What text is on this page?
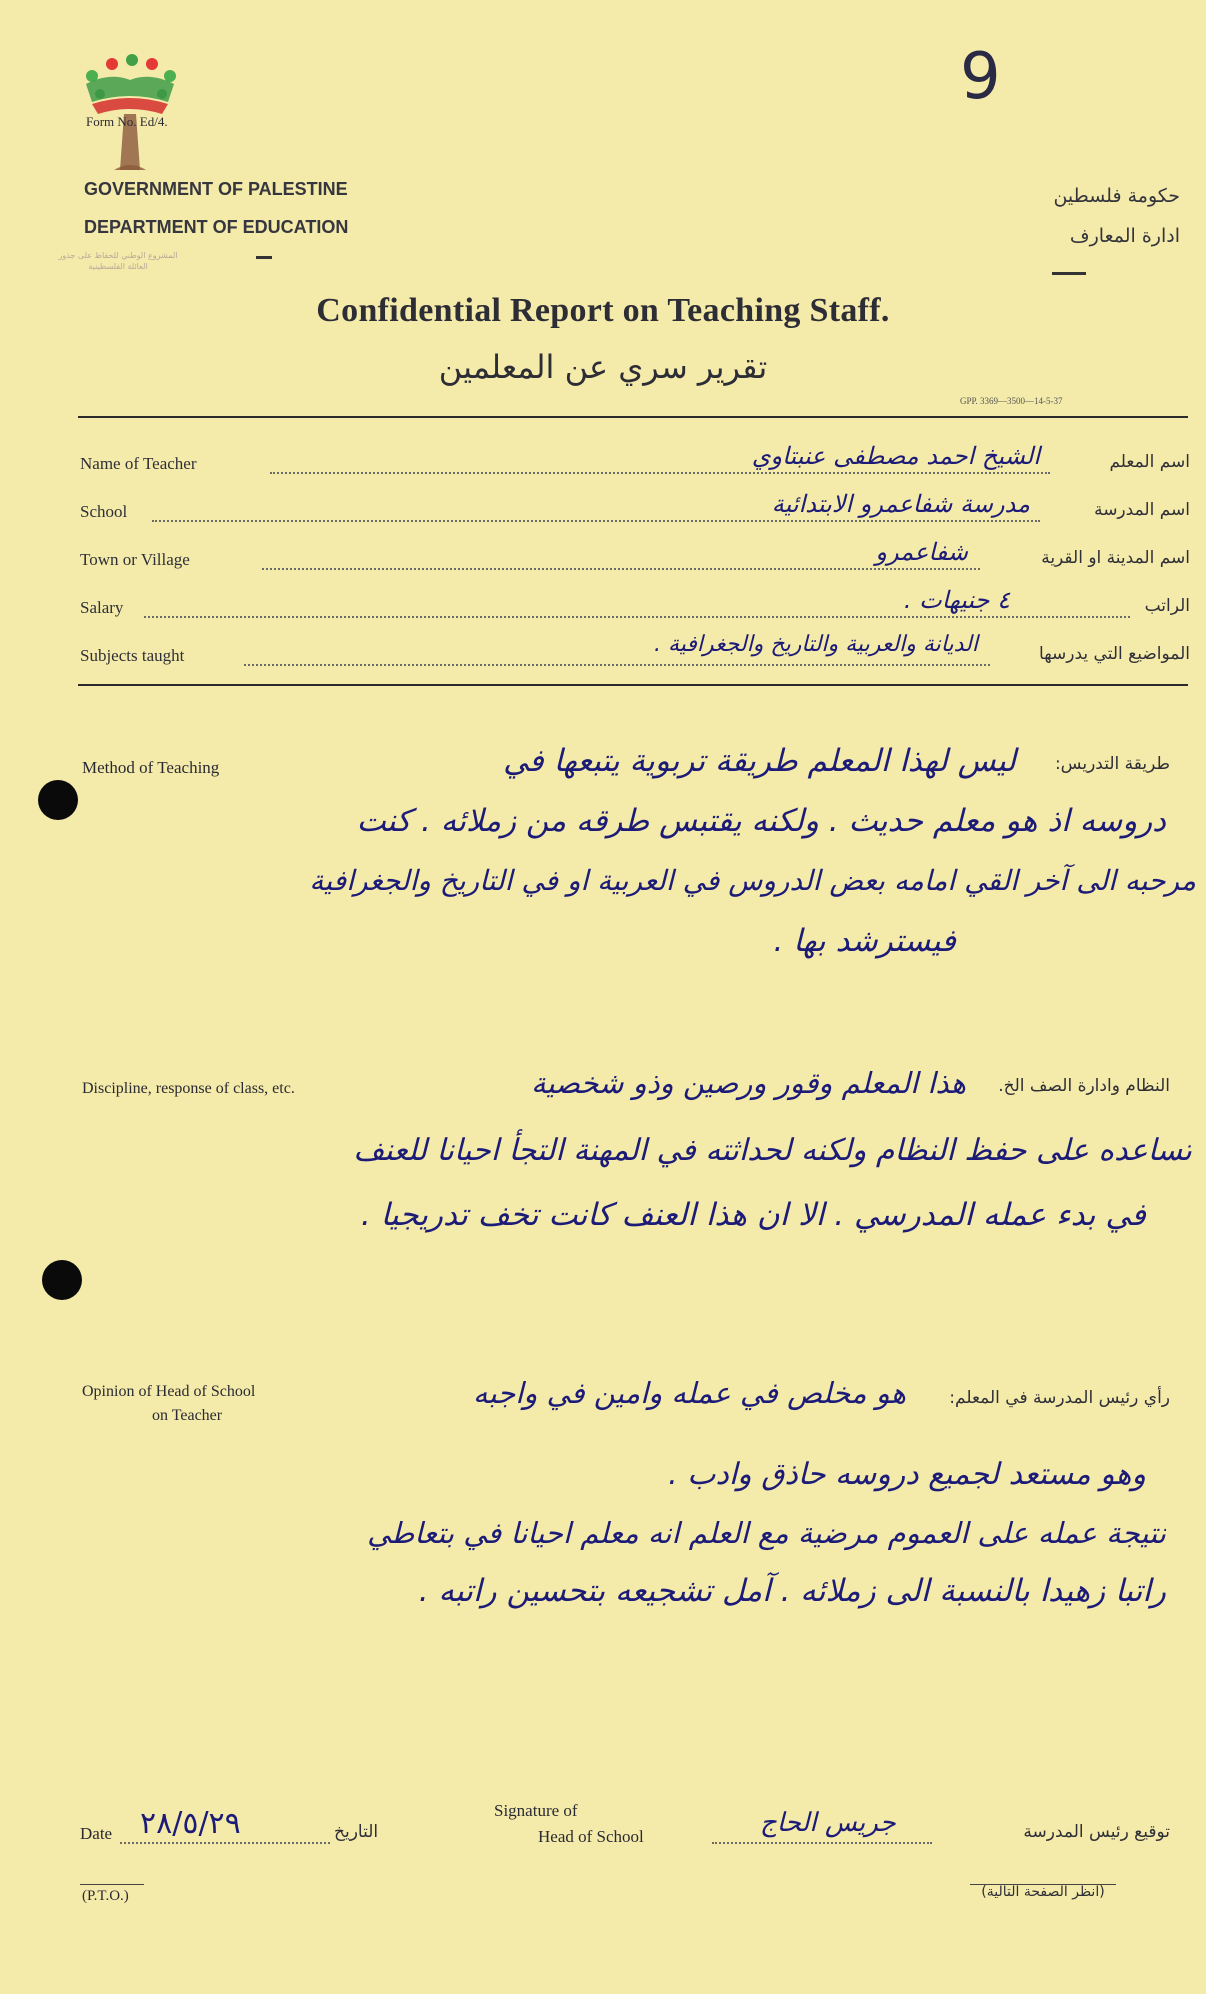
9
Form No. Ed/4.
المشروع الوطني للحفاظ على جذور العائلة الفلسطينية
GOVERNMENT OF PALESTINE
DEPARTMENT OF EDUCATION
حكومة فلسطين
ادارة المعارف
Confidential Report on Teaching Staff.
تقرير سري عن المعلمين
GPP. 3369—3500—14-5-37
Name of Teacher	الشيخ احمد مصطفى عنبتاوي	اسم المعلم
School	مدرسة شفاعمرو الابتدائية	اسم المدرسة
Town or Village	شفاعمرو	اسم المدينة او القرية
Salary	٤ جنيهات .	الراتب
Subjects taught	الديانة والعربية والتاريخ والجغرافية .	المواضيع التي يدرسها
Method of Teaching	طريقة التدريس:
ليس لهذا المعلم طريقة تربوية يتبعها في
دروسه اذ هو معلم حديث . ولكنه يقتبس طرقه من زملائه . كنت
مرحبه الى آخر القي امامه بعض الدروس في العربية او في التاريخ والجغرافية
فيسترشد بها .
Discipline, response of class, etc.	النظام وادارة الصف الخ.
هذا المعلم وقور ورصين وذو شخصية
تساعده على حفظ النظام ولكنه لحداثته في المهنة التجأ احيانا للعنف
في بدء عمله المدرسي . الا ان هذا العنف كانت تخف تدريجيا .
Opinion of Head of School
on Teacher
رأي رئيس المدرسة في المعلم:
هو مخلص في عمله وامين في واجبه
وهو مستعد لجميع دروسه حاذق وادب .
نتيجة عمله على العموم مرضية مع العلم انه معلم احيانا في بتعاطي
راتبا زهيدا بالنسبة الى زملائه . آمل تشجيعه بتحسين راتبه .
Date ٢٨/٥/٢٩	التاريخ
Signature of
Head of School	جريس الحاج	توقيع رئيس المدرسة
(P.T.O.)	(انظر الصفحة التالية)
